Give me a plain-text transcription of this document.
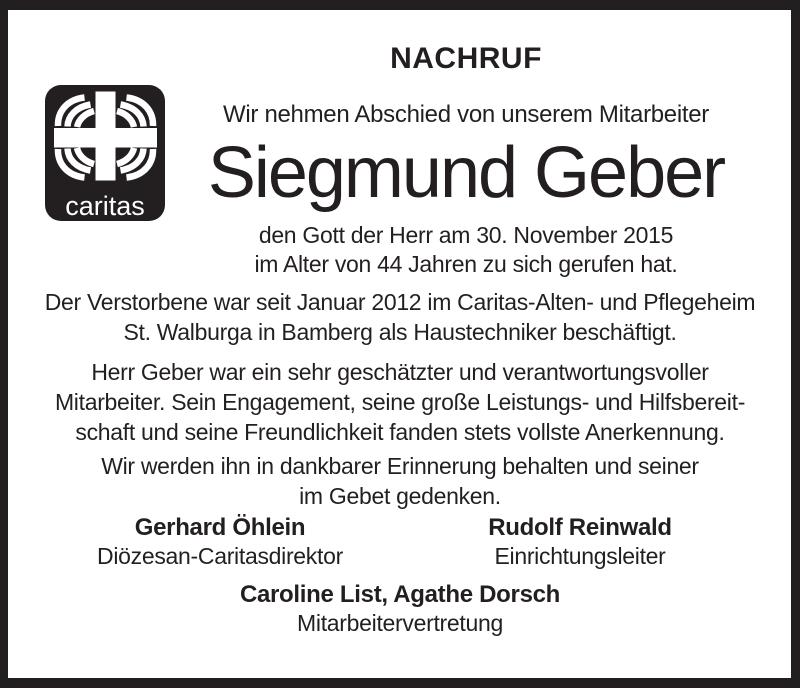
caritas
NACHRUF
Wir nehmen Abschied von unserem Mitarbeiter
Siegmund Geber
den Gott der Herr am 30. November 2015
im Alter von 44 Jahren zu sich gerufen hat.
Der Verstorbene war seit Januar 2012 im Caritas-Alten- und Pflegeheim
St. Walburga in Bamberg als Haustechniker beschäftigt.
Herr Geber war ein sehr geschätzter und verantwortungsvoller
Mitarbeiter. Sein Engagement, seine große Leistungs- und Hilfsbereit-
schaft und seine Freundlichkeit fanden stets vollste Anerkennung.
Wir werden ihn in dankbarer Erinnerung behalten und seiner
im Gebet gedenken.
Gerhard Öhlein
Diözesan-Caritasdirektor
Rudolf Reinwald
Einrichtungsleiter
Caroline List, Agathe Dorsch
Mitarbeitervertretung
